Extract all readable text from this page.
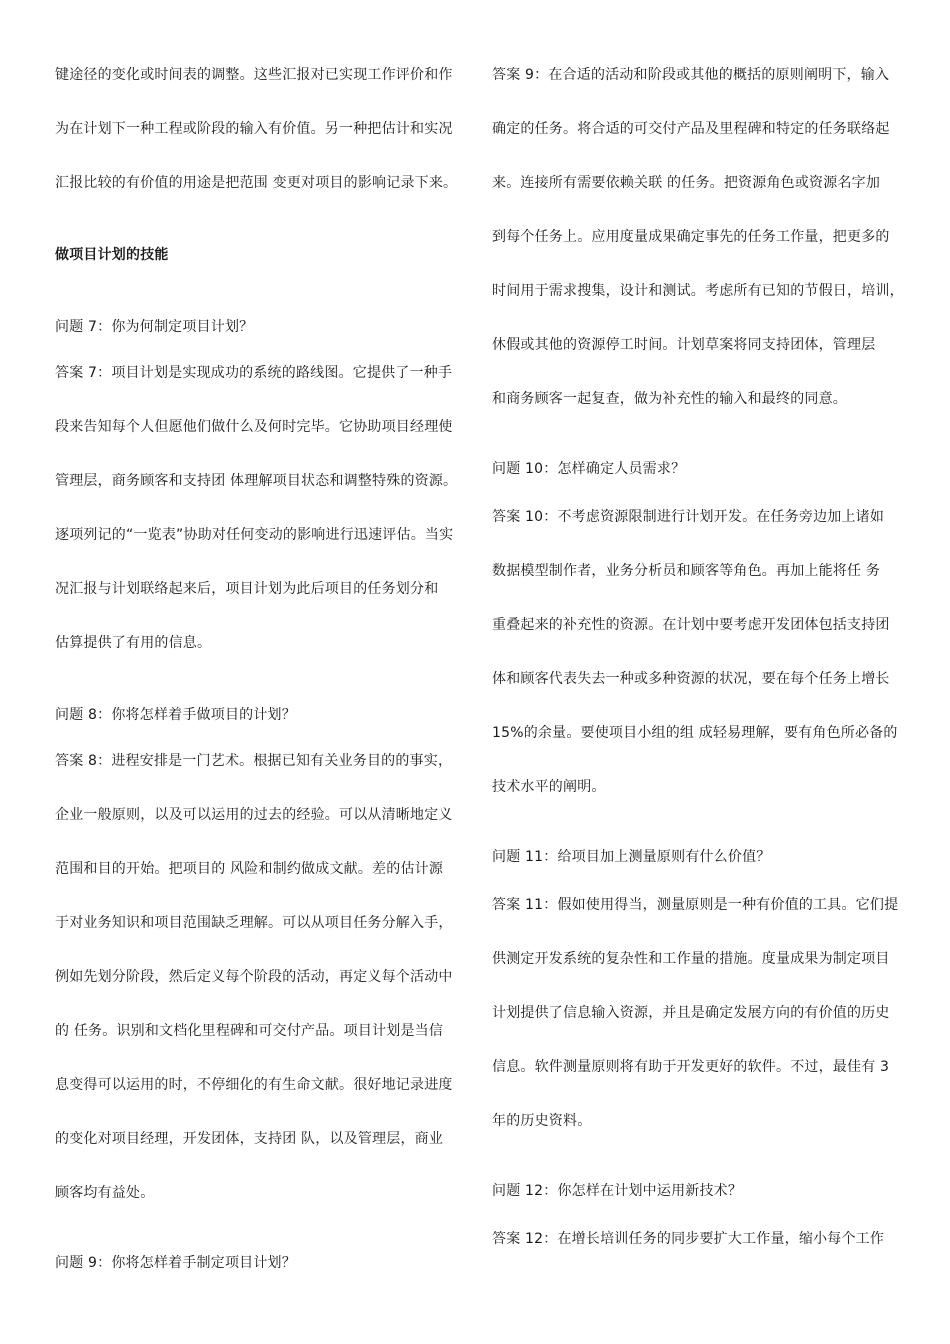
键途径的变化或时间表的调整。这些汇报对已实现工作评价和作
为在计划下一种工程或阶段的输入有价值。另一种把估计和实况
汇报比较的有价值的用途是把范围 变更对项目的影响记录下来。
做项目计划的技能
问题 7：你为何制定项目计划？
答案 7：项目计划是实现成功的系统的路线图。它提供了一种手
段来告知每个人但愿他们做什么及何时完毕。它协助项目经理使
管理层，商务顾客和支持团 体理解项目状态和调整特殊的资源。
逐项列记的“一览表”协助对任何变动的影响进行迅速评估。当实
况汇报与计划联络起来后，项目计划为此后项目的任务划分和
估算提供了有用的信息。
问题 8：你将怎样着手做项目的计划？
答案 8：进程安排是一门艺术。根据已知有关业务目的的事实，
企业一般原则，以及可以运用的过去的经验。可以从清晰地定义
范围和目的开始。把项目的 风险和制约做成文献。差的估计源
于对业务知识和项目范围缺乏理解。可以从项目任务分解入手，
例如先划分阶段，然后定义每个阶段的活动，再定义每个活动中
的 任务。识别和文档化里程碑和可交付产品。项目计划是当信
息变得可以运用的时，不停细化的有生命文献。很好地记录进度
的变化对项目经理，开发团体，支持团 队，以及管理层，商业
顾客均有益处。
问题 9：你将怎样着手制定项目计划？
答案 9：在合适的活动和阶段或其他的概括的原则阐明下，输入
确定的任务。将合适的可交付产品及里程碑和特定的任务联络起
来。连接所有需要依赖关联 的任务。把资源角色或资源名字加
到每个任务上。应用度量成果确定事先的任务工作量，把更多的
时间用于需求搜集，设计和测试。考虑所有已知的节假日，培训，
休假或其他的资源停工时间。计划草案将同支持团体，管理层
和商务顾客一起复查，做为补充性的输入和最终的同意。
问题 10：怎样确定人员需求？
答案 10：不考虑资源限制进行计划开发。在任务旁边加上诸如
数据模型制作者，业务分析员和顾客等角色。再加上能将任 务
重叠起来的补充性的资源。在计划中要考虑开发团体包括支持团
体和顾客代表失去一种或多种资源的状况，要在每个任务上增长
15%的余量。要使项目小组的组 成轻易理解，要有角色所必备的
技术水平的阐明。
问题 11：给项目加上测量原则有什么价值？
答案 11：假如使用得当，测量原则是一种有价值的工具。它们提
供测定开发系统的复杂性和工作量的措施。度量成果为制定项目
计划提供了信息输入资源，并且是确定发展方向的有价值的历史
信息。软件测量原则将有助于开发更好的软件。不过，最佳有 3
年的历史资料。
问题 12：你怎样在计划中运用新技术？
答案 12：在增长培训任务的同步要扩大工作量，缩小每个工作
